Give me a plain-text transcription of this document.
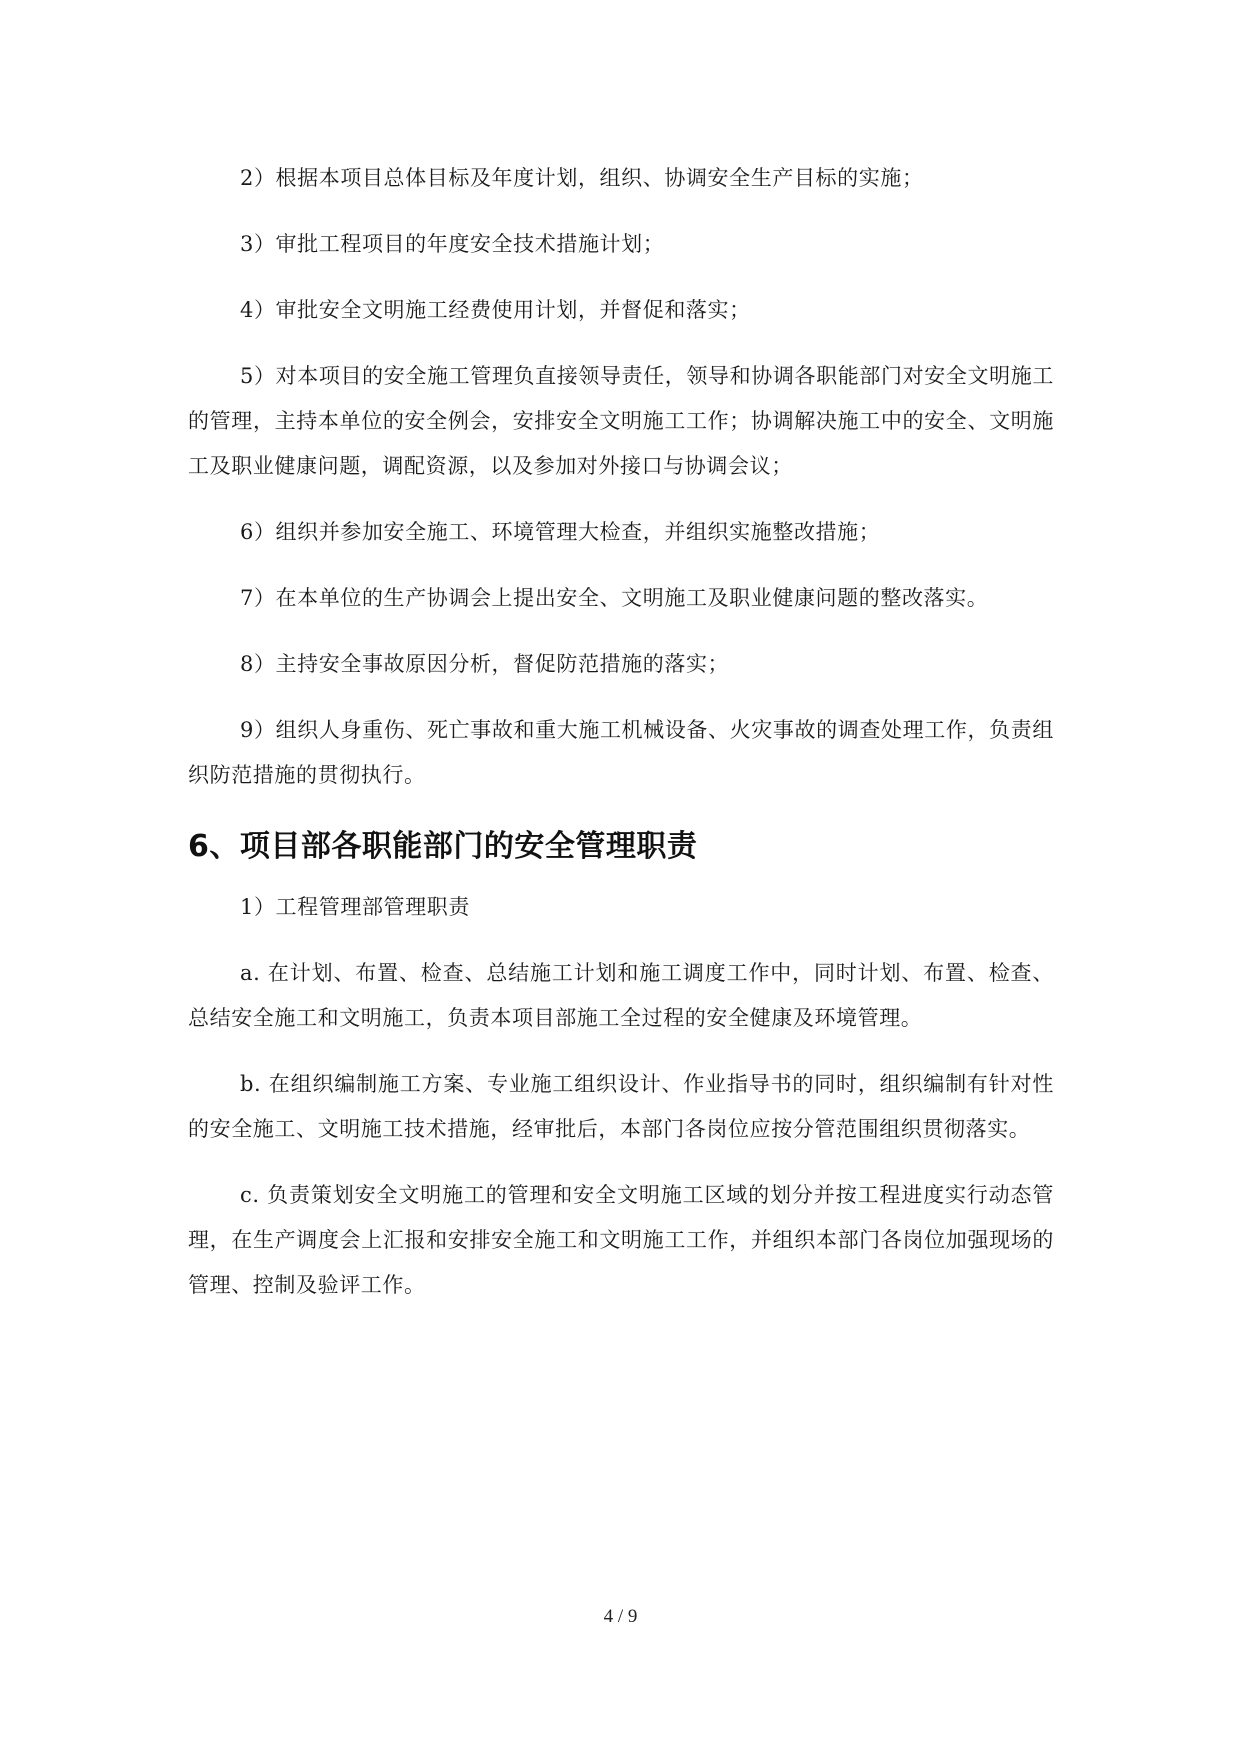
2）根据本项目总体目标及年度计划，组织、协调安全生产目标的实施；

3）审批工程项目的年度安全技术措施计划；

4）审批安全文明施工经费使用计划，并督促和落实；

5）对本项目的安全施工管理负直接领导责任，领导和协调各职能部门对安全文明施工的管理，主持本单位的安全例会，安排安全文明施工工作；协调解决施工中的安全、文明施工及职业健康问题，调配资源，以及参加对外接口与协调会议；

6）组织并参加安全施工、环境管理大检查，并组织实施整改措施；

7）在本单位的生产协调会上提出安全、文明施工及职业健康问题的整改落实。

8）主持安全事故原因分析，督促防范措施的落实；

9）组织人身重伤、死亡事故和重大施工机械设备、火灾事故的调查处理工作，负责组织防范措施的贯彻执行。

6、项目部各职能部门的安全管理职责

1）工程管理部管理职责

a. 在计划、布置、检查、总结施工计划和施工调度工作中，同时计划、布置、检查、总结安全施工和文明施工，负责本项目部施工全过程的安全健康及环境管理。

b. 在组织编制施工方案、专业施工组织设计、作业指导书的同时，组织编制有针对性的安全施工、文明施工技术措施，经审批后，本部门各岗位应按分管范围组织贯彻落实。

c. 负责策划安全文明施工的管理和安全文明施工区域的划分并按工程进度实行动态管理，在生产调度会上汇报和安排安全施工和文明施工工作，并组织本部门各岗位加强现场的管理、控制及验评工作。

4 / 9
